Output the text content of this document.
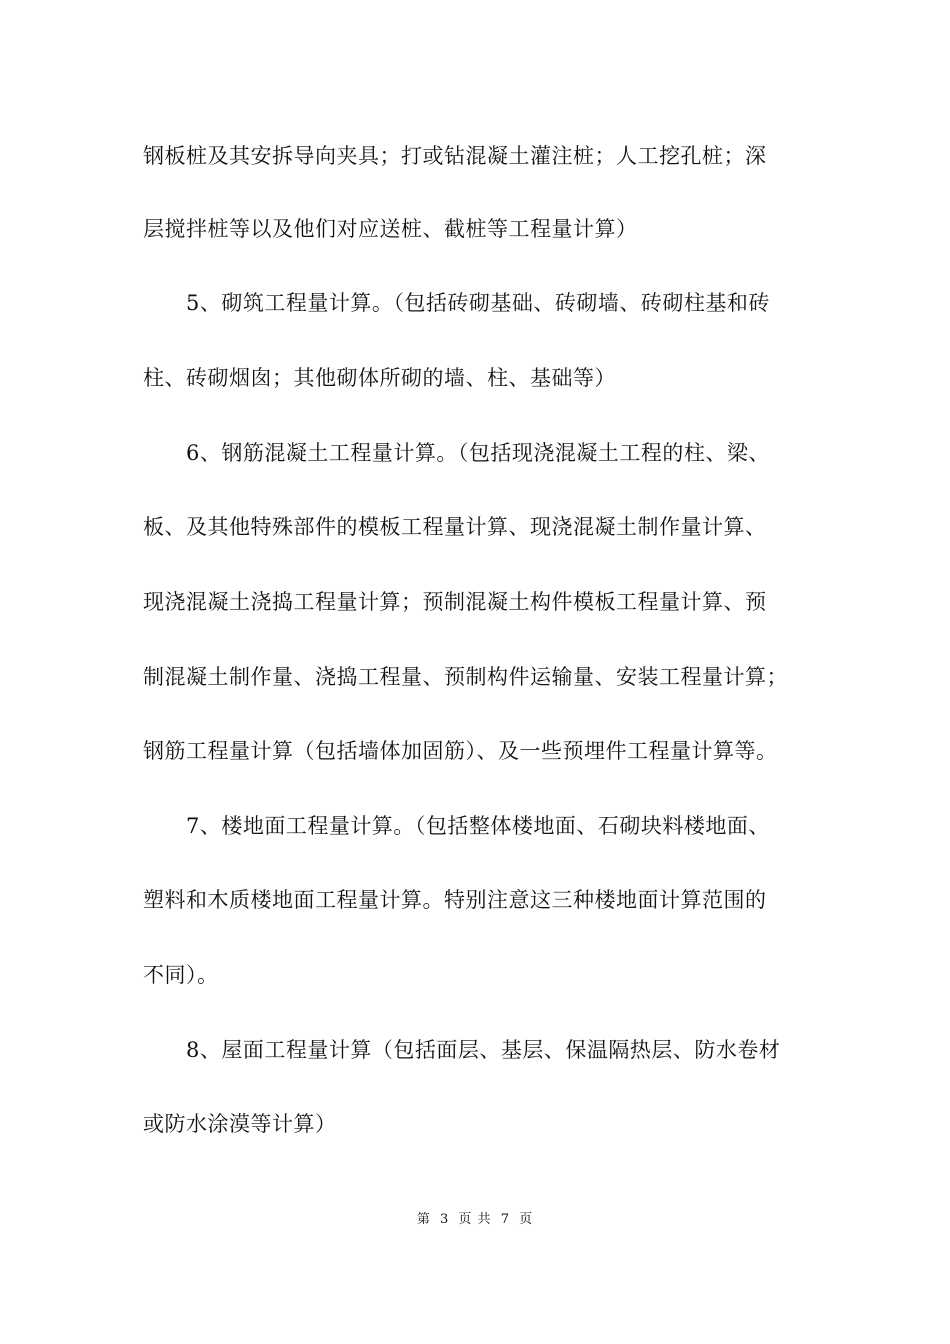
钢板桩及其安拆导向夹具；打或钻混凝土灌注桩；人工挖孔桩；深
层搅拌桩等以及他们对应送桩、截桩等工程量计算）
5、砌筑工程量计算。（包括砖砌基础、砖砌墙、砖砌柱基和砖
柱、砖砌烟囱；其他砌体所砌的墙、柱、基础等）
6、钢筋混凝土工程量计算。（包括现浇混凝土工程的柱、梁、
板、及其他特殊部件的模板工程量计算、现浇混凝土制作量计算、
现浇混凝土浇捣工程量计算；预制混凝土构件模板工程量计算、预
制混凝土制作量、浇捣工程量、预制构件运输量、安装工程量计算；
钢筋工程量计算（包括墙体加固筋）、及一些预埋件工程量计算等。
7、楼地面工程量计算。（包括整体楼地面、石砌块料楼地面、
塑料和木质楼地面工程量计算。特别注意这三种楼地面计算范围的
不同）。
8、屋面工程量计算（包括面层、基层、保温隔热层、防水卷材
或防水涂漠等计算）
第 3 页 共 7 页
